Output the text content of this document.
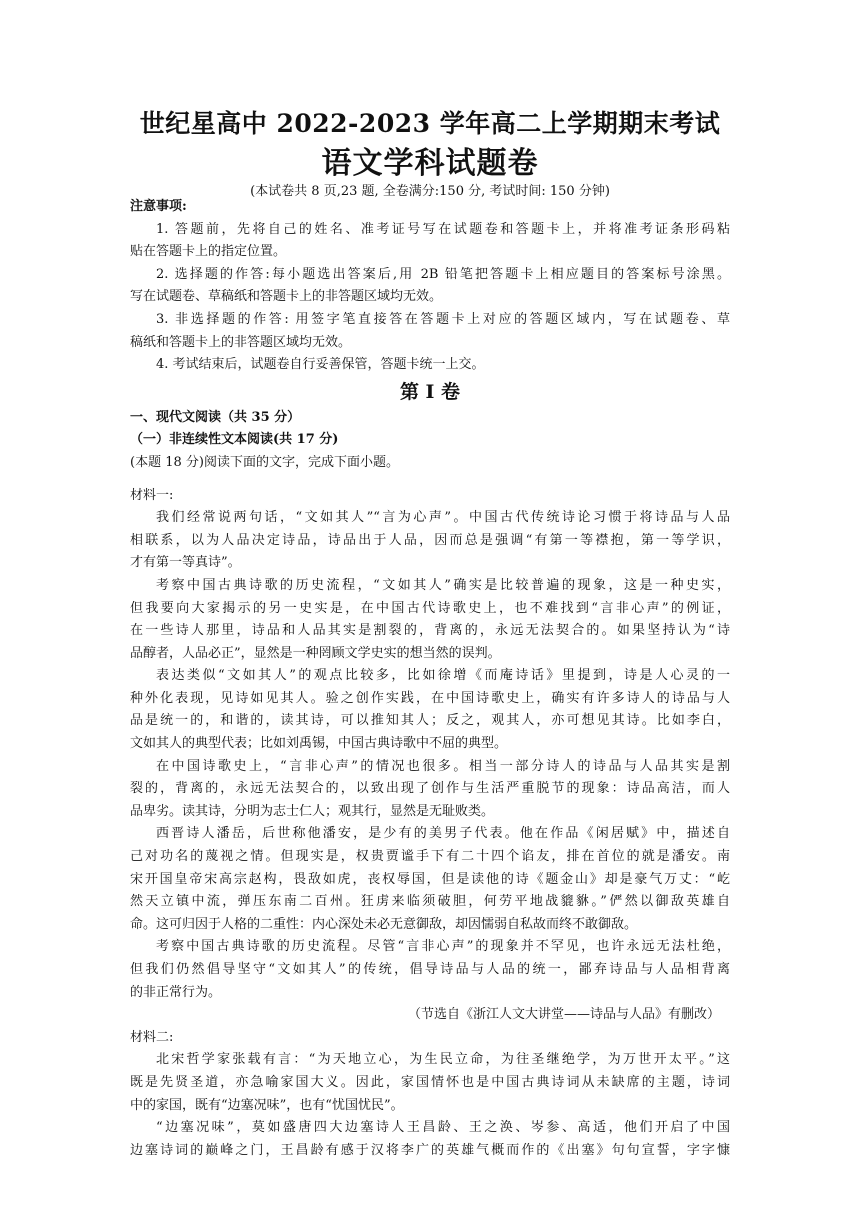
世纪星高中 2022-2023 学年高二上学期期末考试
语文学科试题卷
(本试卷共 8 页,23 题, 全卷满分:150 分, 考试时间: 150 分钟)
注意事项:
1. 答题前，先将自己的姓名、准考证号写在试题卷和答题卡上，并将准考证条形码粘
贴在答题卡上的指定位置。
2. 选择题的作答:每小题选出答案后,用 2B 铅笔把答题卡上相应题目的答案标号涂黑。
写在试题卷、草稿纸和答题卡上的非答题区域均无效。
3. 非选择题的作答: 用签字笔直接答在答题卡上对应的答题区域内，写在试题卷、草
稿纸和答题卡上的非答题区域均无效。
4. 考试结束后，试题卷自行妥善保管，答题卡统一上交。
第 Ⅰ 卷
一、现代文阅读（共 35 分）
（一）非连续性文本阅读(共 17 分)
(本题 18 分)阅读下面的文字，完成下面小题。
材料一:
我们经常说两句话，“文如其人”“言为心声”。中国古代传统诗论习惯于将诗品与人品
相联系，以为人品决定诗品，诗品出于人品，因而总是强调“有第一等襟抱，第一等学识，
才有第一等真诗”。
考察中国古典诗歌的历史流程，“文如其人”确实是比较普遍的现象，这是一种史实，
但我要向大家揭示的另一史实是，在中国古代诗歌史上，也不难找到“言非心声”的例证，
在一些诗人那里，诗品和人品其实是割裂的，背离的，永远无法契合的。如果坚持认为“诗
品醇者，人品必正”，显然是一种罔顾文学史实的想当然的误判。
表达类似“文如其人”的观点比较多，比如徐增《而庵诗话》里提到，诗是人心灵的一
种外化表现，见诗如见其人。验之创作实践，在中国诗歌史上，确实有许多诗人的诗品与人
品是统一的，和谐的，读其诗，可以推知其人；反之，观其人，亦可想见其诗。比如李白，
文如其人的典型代表；比如刘禹锡，中国古典诗歌中不屈的典型。
在中国诗歌史上，“言非心声”的情况也很多。相当一部分诗人的诗品与人品其实是割
裂的，背离的，永远无法契合的，以致出现了创作与生活严重脱节的现象：诗品高洁，而人
品卑劣。读其诗，分明为志士仁人；观其行，显然是无耻败类。
西晋诗人潘岳，后世称他潘安，是少有的美男子代表。他在作品《闲居赋》中，描述自
己对功名的蔑视之情。但现实是，权贵贾谧手下有二十四个谄友，排在首位的就是潘安。南
宋开国皇帝宋高宗赵构，畏敌如虎，丧权辱国，但是读他的诗《题金山》却是豪气万丈：“屹
然天立镇中流，弹压东南二百州。狂虏来临须破胆，何劳平地战貔貅。”俨然以御敌英雄自
命。这可归因于人格的二重性：内心深处未必无意御敌，却因懦弱自私故而终不敢御敌。
考察中国古典诗歌的历史流程。尽管“言非心声”的现象并不罕见，也许永远无法杜绝，
但我们仍然倡导坚守“文如其人”的传统，倡导诗品与人品的统一，鄙弃诗品与人品相背离
的非正常行为。
（节选自《浙江人文大讲堂——诗品与人品》有删改）
材料二:
北宋哲学家张载有言：“为天地立心，为生民立命，为往圣继绝学，为万世开太平。”这
既是先贤圣道，亦急喻家国大义。因此，家国情怀也是中国古典诗词从未缺席的主题，诗词
中的家国，既有“边塞况味”，也有“忧国忧民”。
“边塞况味”，莫如盛唐四大边塞诗人王昌龄、王之涣、岑参、高适，他们开启了中国
边塞诗词的巅峰之门，王昌龄有感于汉将李广的英雄气概而作的《出塞》句句宣誓，字字慷
